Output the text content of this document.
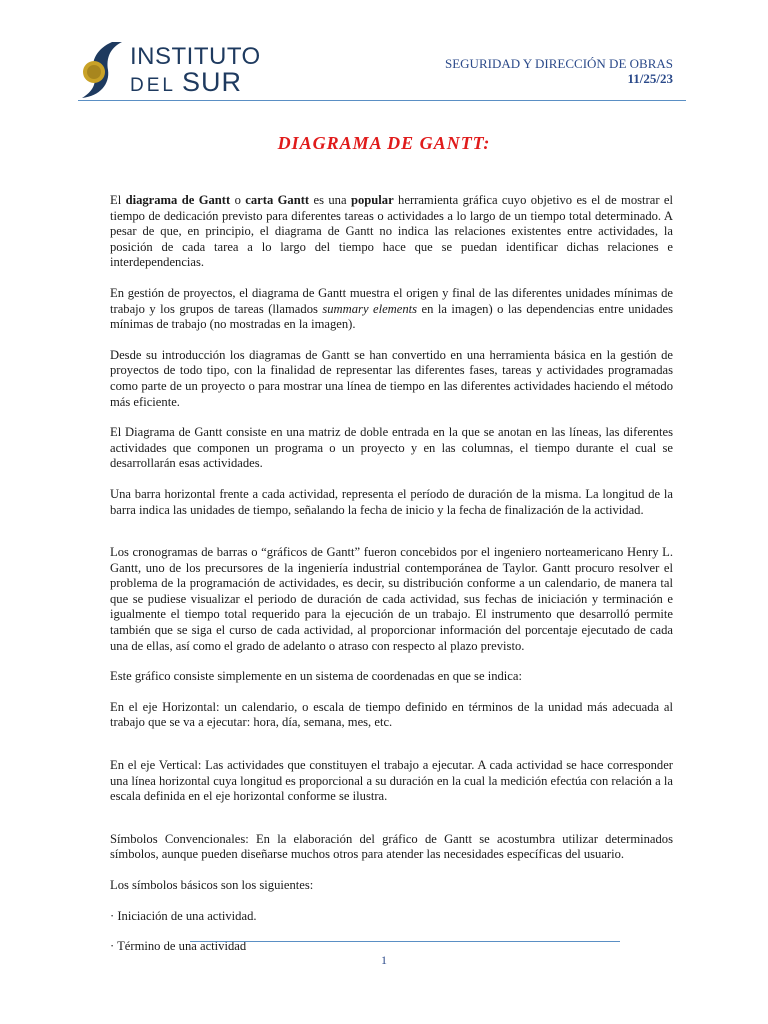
INSTITUTO
DEL SUR
SEGURIDAD Y DIRECCIÓN DE OBRAS
11/25/23
DIAGRAMA DE GANTT:

El diagrama de Gantt o carta Gantt es una popular herramienta gráfica cuyo objetivo es el de mostrar el tiempo de dedicación previsto para diferentes tareas o actividades a lo largo de un tiempo total determinado. A pesar de que, en principio, el diagrama de Gantt no indica las relaciones existentes entre actividades, la posición de cada tarea a lo largo del tiempo hace que se puedan identificar dichas relaciones e interdependencias.

En gestión de proyectos, el diagrama de Gantt muestra el origen y final de las diferentes unidades mínimas de trabajo y los grupos de tareas (llamados summary elements en la imagen) o las dependencias entre unidades mínimas de trabajo (no mostradas en la imagen).

Desde su introducción los diagramas de Gantt se han convertido en una herramienta básica en la gestión de proyectos de todo tipo, con la finalidad de representar las diferentes fases, tareas y actividades programadas como parte de un proyecto o para mostrar una línea de tiempo en las diferentes actividades haciendo el método más eficiente.

El Diagrama de Gantt consiste en una matriz de doble entrada en la que se anotan en las líneas, las diferentes actividades que componen un programa o un proyecto y en las columnas, el tiempo durante el cual se desarrollarán esas actividades.

Una barra horizontal frente a cada actividad, representa el período de duración de la misma. La longitud de la barra indica las unidades de tiempo, señalando la fecha de inicio y la fecha de finalización de la actividad.

Los cronogramas de barras o “gráficos de Gantt” fueron concebidos por el ingeniero norteamericano Henry L. Gantt, uno de los precursores de la ingeniería industrial contemporánea de Taylor. Gantt procuro resolver el problema de la programación de actividades, es decir, su distribución conforme a un calendario, de manera tal que se pudiese visualizar el periodo de duración de cada actividad, sus fechas de iniciación y terminación e igualmente el tiempo total requerido para la ejecución de un trabajo. El instrumento que desarrolló permite también que se siga el curso de cada actividad, al proporcionar información del porcentaje ejecutado de cada una de ellas, así como el grado de adelanto o atraso con respecto al plazo previsto.

Este gráfico consiste simplemente en un sistema de coordenadas en que se indica:

En el eje Horizontal: un calendario, o escala de tiempo definido en términos de la unidad más adecuada al trabajo que se va a ejecutar: hora, día, semana, mes, etc.

En el eje Vertical: Las actividades que constituyen el trabajo a ejecutar. A cada actividad se hace corresponder una línea horizontal cuya longitud es proporcional a su duración en la cual la medición efectúa con relación a la escala definida en el eje horizontal conforme se ilustra.

Símbolos Convencionales: En la elaboración del gráfico de Gantt se acostumbra utilizar determinados símbolos, aunque pueden diseñarse muchos otros para atender las necesidades específicas del usuario.

Los símbolos básicos son los siguientes:

· Iniciación de una actividad.

· Término de una actividad

1
